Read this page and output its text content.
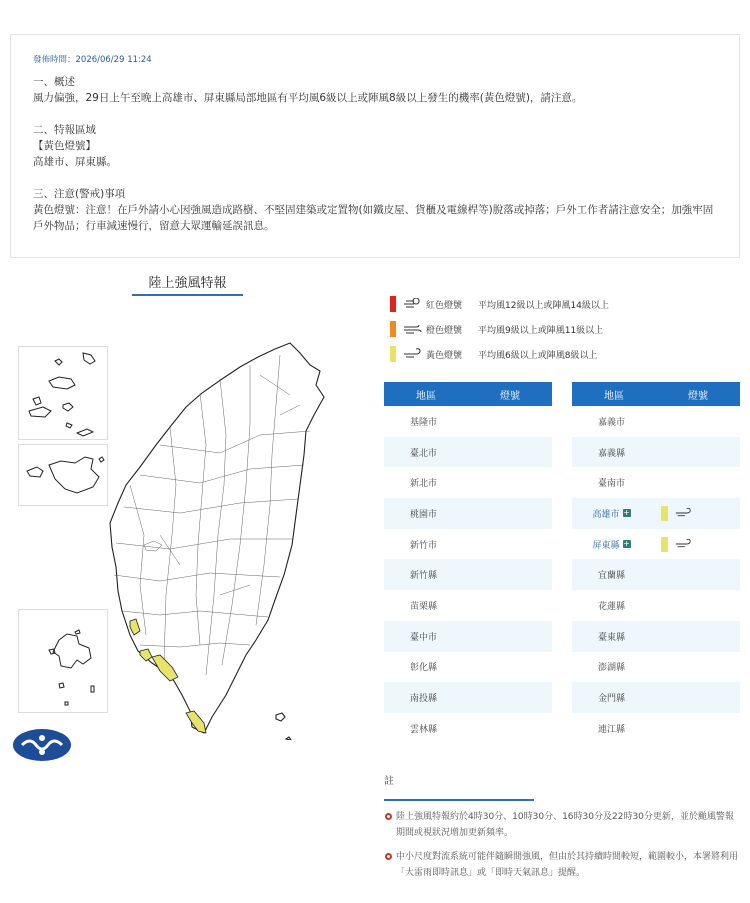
發佈時間：2026/06/29 11:24
一、概述
風力偏強，29日上午至晚上高雄市、屏東縣局部地區有平均風6級以上或陣風8級以上發生的機率(黃色燈號)，請注意。
二、特報區域
【黃色燈號】
高雄市、屏東縣。
三、注意(警戒)事項
黃色燈號：注意！在戶外請小心因強風造成路樹、不堅固建築或定置物(如鐵皮屋、貨櫃及電線桿等)脫落或掉落；戶外工作者請注意安全；加強牢固戶外物品；行車減速慢行，留意大眾運輸延誤訊息。
陸上強風特報
紅色燈號	平均風12級以上或陣風14級以上
橙色燈號	平均風9級以上或陣風11級以上
黃色燈號	平均風6級以上或陣風8級以上
地區	燈號
基隆市
臺北市
新北市
桃園市
新竹市
新竹縣
苗栗縣
臺中市
彰化縣
南投縣
雲林縣
地區	燈號
嘉義市
嘉義縣
臺南市
高雄市 +
屏東縣 +
宜蘭縣
花蓮縣
臺東縣
澎湖縣
金門縣
連江縣
註
陸上強風特報約於4時30分、10時30分、16時30分及22時30分更新，並於颱風警報期間或視狀況增加更新頻率。
中小尺度對流系統可能伴隨瞬間強風，但由於其持續時間較短，範圍較小，本署將利用「大雷雨即時訊息」或「即時天氣訊息」提醒。
